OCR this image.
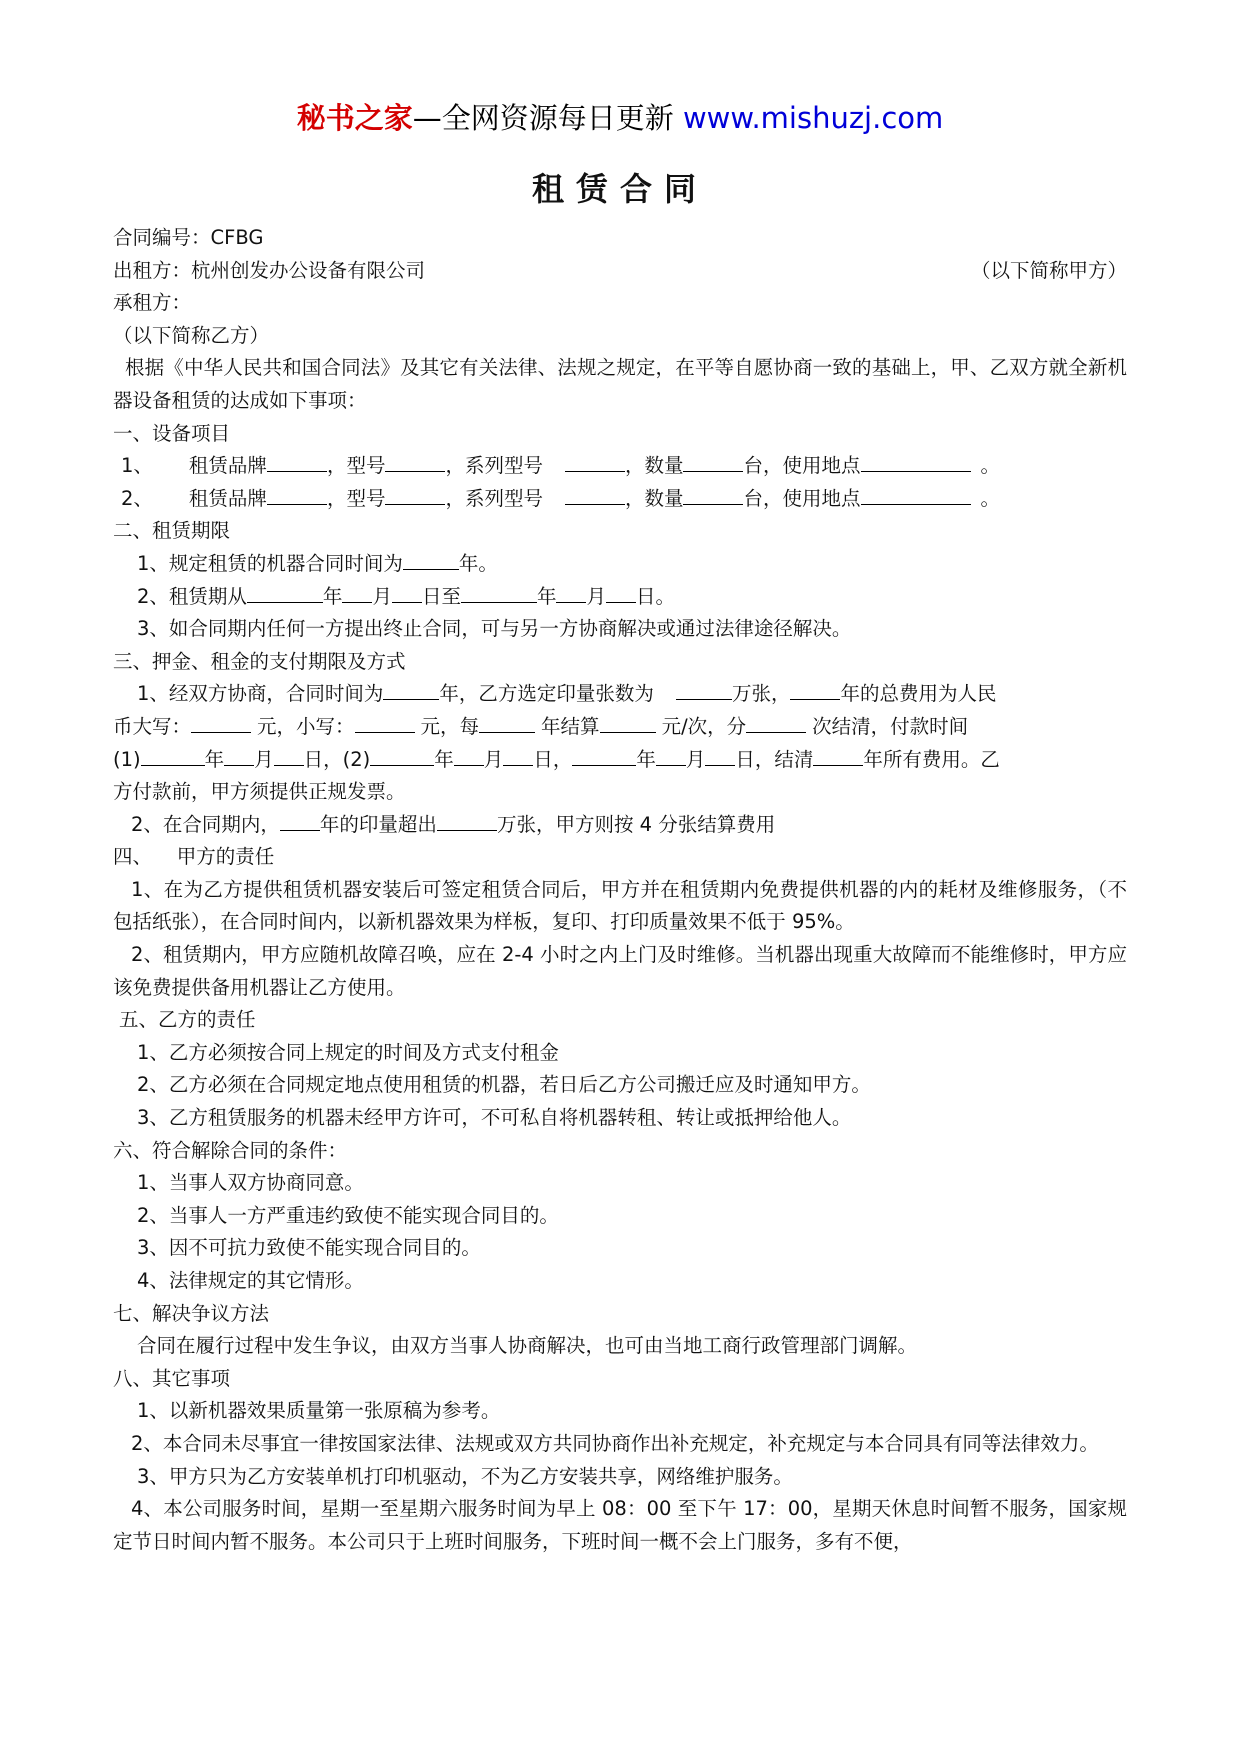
秘书之家—全网资源每日更新 www.mishuzj.com
租赁合同
合同编号：CFBG
出租方：杭州创发办公设备有限公司	（以下简称甲方）
承租方：
（以下简称乙方）
根据《中华人民共和国合同法》及其它有关法律、法规之规定，在平等自愿协商一致的基础上，甲、乙双方就全新机器设备租赁的达成如下事项：
一、设备项目
1、 租赁品牌	，型号	，系列型号	，数量	台，使用地点	。
2、 租赁品牌	，型号	，系列型号	，数量	台，使用地点	。
二、租赁期限
1、规定租赁的机器合同时间为	年。
2、租赁期从	年 月 日至	年 月 日。
3、如合同期内任何一方提出终止合同，可与另一方协商解决或通过法律途径解决。
三、押金、租金的支付期限及方式
1、经双方协商，合同时间为	年，乙方选定印量张数为	万张，	年的总费用为人民
币大写：	元，小写：	元，每	年结算	元/次，分	次结清，付款时间
(1)	年 月 日，(2)	年 月 日，	年 月 日，结清	年所有费用。乙
方付款前，甲方须提供正规发票。
2、在合同期内， 年的印量超出	万张，甲方则按 4 分张结算费用
四、    甲方的责任
1、在为乙方提供租赁机器安装后可签定租赁合同后，甲方并在租赁期内免费提供机器的内的耗材及维修服务，（不包括纸张），在合同时间内，以新机器效果为样板，复印、打印质量效果不低于 95%。
2、租赁期内，甲方应随机故障召唤，应在 2-4 小时之内上门及时维修。当机器出现重大故障而不能维修时，甲方应该免费提供备用机器让乙方使用。
五、乙方的责任
1、乙方必须按合同上规定的时间及方式支付租金
2、乙方必须在合同规定地点使用租赁的机器，若日后乙方公司搬迁应及时通知甲方。
3、乙方租赁服务的机器未经甲方许可，不可私自将机器转租、转让或抵押给他人。
六、符合解除合同的条件：
1、当事人双方协商同意。
2、当事人一方严重违约致使不能实现合同目的。
3、因不可抗力致使不能实现合同目的。
4、法律规定的其它情形。
七、解决争议方法
合同在履行过程中发生争议，由双方当事人协商解决，也可由当地工商行政管理部门调解。
八、其它事项
1、以新机器效果质量第一张原稿为参考。
2、本合同未尽事宜一律按国家法律、法规或双方共同协商作出补充规定，补充规定与本合同具有同等法律效力。
3、甲方只为乙方安装单机打印机驱动，不为乙方安装共享，网络维护服务。
4、本公司服务时间，星期一至星期六服务时间为早上 08：00 至下午 17：00，星期天休息时间暂不服务，国家规定节日时间内暂不服务。本公司只于上班时间服务，下班时间一概不会上门服务，多有不便，
